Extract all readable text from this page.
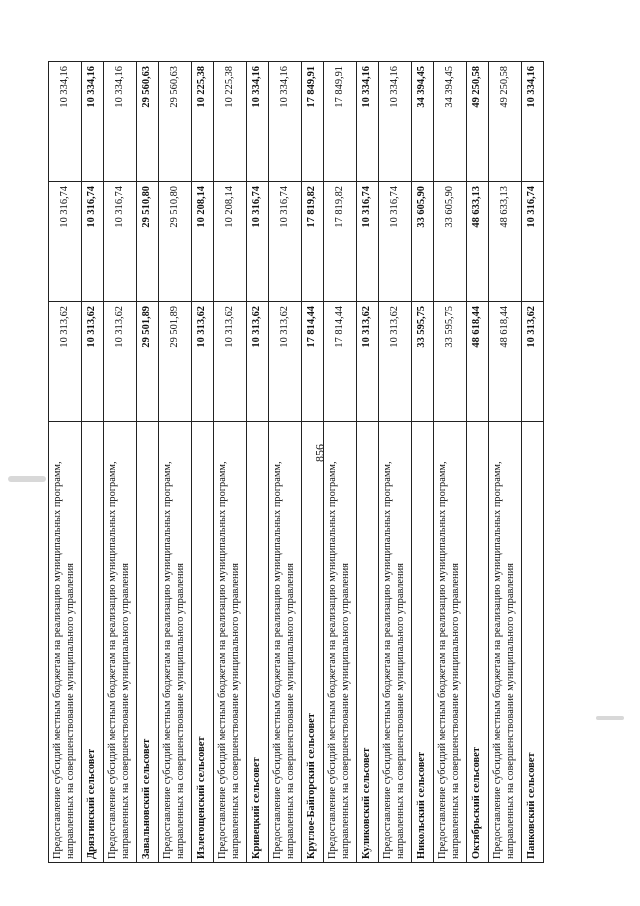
856
Предоставление субсидий местным бюджетам на реализацию муниципальных программ, направленных на совершенствование муниципального управления	10 313,62	10 316,74	10 334,16
Дрязгинский сельсовет	10 313,62	10 316,74	10 334,16
Предоставление субсидий местным бюджетам на реализацию муниципальных программ, направленных на совершенствование муниципального управления	10 313,62	10 316,74	10 334,16
Завальновский сельсовет	29 501,89	29 510,80	29 560,63
Предоставление субсидий местным бюджетам на реализацию муниципальных программ, направленных на совершенствование муниципального управления	29 501,89	29 510,80	29 560,63
Излегощенский сельсовет	10 313,62	10 208,14	10 225,38
Предоставление субсидий местным бюджетам на реализацию муниципальных программ, направленных на совершенствование муниципального управления	10 313,62	10 208,14	10 225,38
Кривецкий сельсовет	10 313,62	10 316,74	10 334,16
Предоставление субсидий местным бюджетам на реализацию муниципальных программ, направленных на совершенствование муниципального управления	10 313,62	10 316,74	10 334,16
Круглое-Байгорский сельсовет	17 814,44	17 819,82	17 849,91
Предоставление субсидий местным бюджетам на реализацию муниципальных программ, направленных на совершенствование муниципального управления	17 814,44	17 819,82	17 849,91
Куликовский сельсовет	10 313,62	10 316,74	10 334,16
Предоставление субсидий местным бюджетам на реализацию муниципальных программ, направленных на совершенствование муниципального управления	10 313,62	10 316,74	10 334,16
Никольский сельсовет	33 595,75	33 605,90	34 394,45
Предоставление субсидий местным бюджетам на реализацию муниципальных программ, направленных на совершенствование муниципального управления	33 595,75	33 605,90	34 394,45
Октябрьский сельсовет	48 618,44	48 633,13	49 250,58
Предоставление субсидий местным бюджетам на реализацию муниципальных программ, направленных на совершенствование муниципального управления	48 618,44	48 633,13	49 250,58
Панковский сельсовет	10 313,62	10 316,74	10 334,16
